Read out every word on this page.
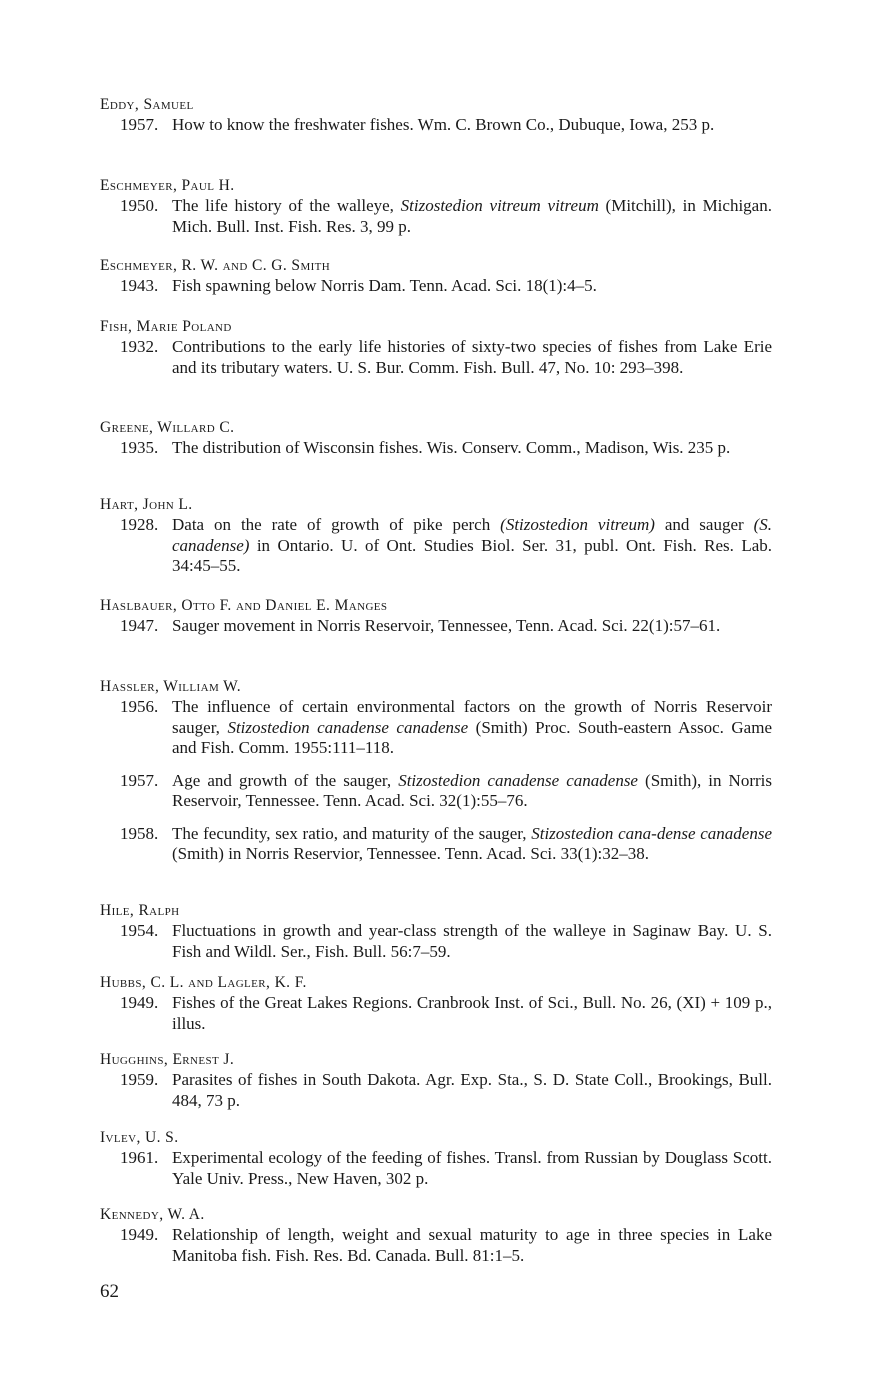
Eddy, Samuel
1957. How to know the freshwater fishes. Wm. C. Brown Co., Dubuque, Iowa, 253 p.
Eschmeyer, Paul H.
1950. The life history of the walleye, Stizostedion vitreum vitreum (Mitchill), in Michigan. Mich. Bull. Inst. Fish. Res. 3, 99 p.
Eschmeyer, R. W. and C. G. Smith
1943. Fish spawning below Norris Dam. Tenn. Acad. Sci. 18(1):4–5.
Fish, Marie Poland
1932. Contributions to the early life histories of sixty-two species of fishes from Lake Erie and its tributary waters. U. S. Bur. Comm. Fish. Bull. 47, No. 10: 293–398.
Greene, Willard C.
1935. The distribution of Wisconsin fishes. Wis. Conserv. Comm., Madison, Wis. 235 p.
Hart, John L.
1928. Data on the rate of growth of pike perch (Stizostedion vitreum) and sauger (S. canadense) in Ontario. U. of Ont. Studies Biol. Ser. 31, publ. Ont. Fish. Res. Lab. 34:45–55.
Haslbauer, Otto F. and Daniel E. Manges
1947. Sauger movement in Norris Reservoir, Tennessee, Tenn. Acad. Sci. 22(1):57–61.
Hassler, William W.
1956. The influence of certain environmental factors on the growth of Norris Reservoir sauger, Stizostedion canadense canadense (Smith) Proc. South-eastern Assoc. Game and Fish. Comm. 1955:111–118.
1957. Age and growth of the sauger, Stizostedion canadense canadense (Smith), in Norris Reservoir, Tennessee. Tenn. Acad. Sci. 32(1):55–76.
1958. The fecundity, sex ratio, and maturity of the sauger, Stizostedion cana-dense canadense (Smith) in Norris Reservior, Tennessee. Tenn. Acad. Sci. 33(1):32–38.
Hile, Ralph
1954. Fluctuations in growth and year-class strength of the walleye in Saginaw Bay. U. S. Fish and Wildl. Ser., Fish. Bull. 56:7–59.
Hubbs, C. L. and Lagler, K. F.
1949. Fishes of the Great Lakes Regions. Cranbrook Inst. of Sci., Bull. No. 26, (XI) + 109 p., illus.
Hugghins, Ernest J.
1959. Parasites of fishes in South Dakota. Agr. Exp. Sta., S. D. State Coll., Brookings, Bull. 484, 73 p.
Ivlev, U. S.
1961. Experimental ecology of the feeding of fishes. Transl. from Russian by Douglass Scott. Yale Univ. Press., New Haven, 302 p.
Kennedy, W. A.
1949. Relationship of length, weight and sexual maturity to age in three species in Lake Manitoba fish. Fish. Res. Bd. Canada. Bull. 81:1–5.
62
